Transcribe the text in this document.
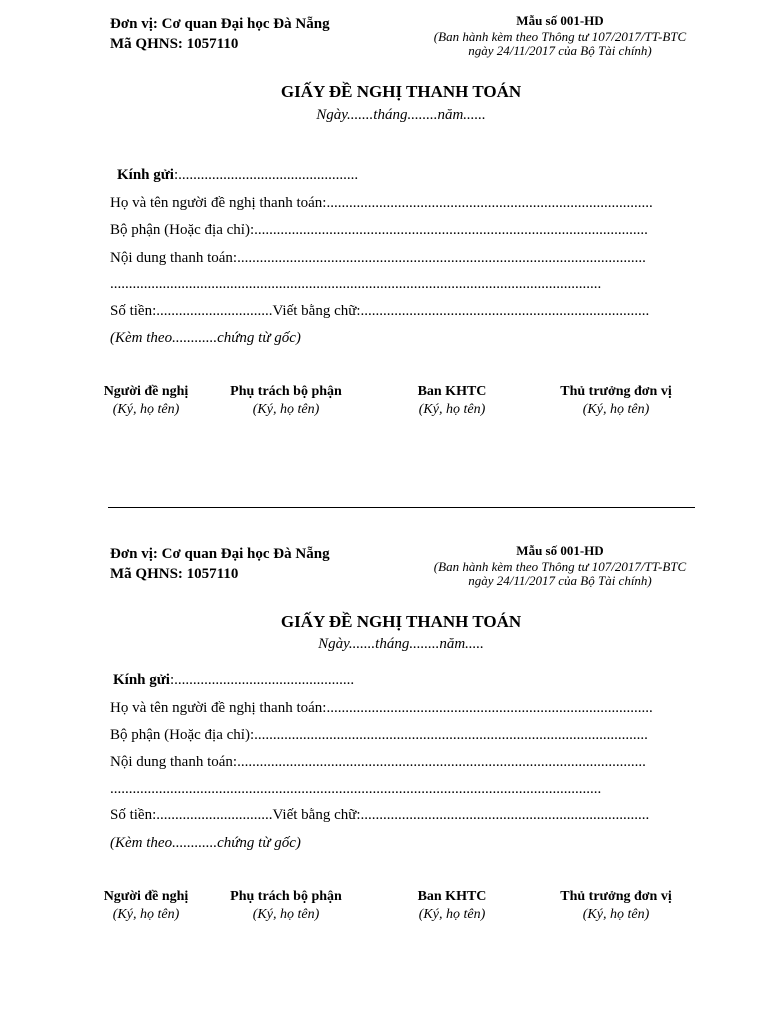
Đơn vị: Cơ quan Đại học Đà Nẵng
Mã QHNS: 1057110
Mẫu số 001-HD
(Ban hành kèm theo Thông tư 107/2017/TT-BTC
ngày 24/11/2017 của Bộ Tài chính)
GIẤY ĐỀ NGHỊ THANH TOÁN
Ngày.......tháng........năm......
Kính gửi:................................................
Họ và tên người đề nghị thanh toán:.......................................................................................
Bộ phận (Hoặc địa chỉ):.........................................................................................................
Nội dung thanh toán:.............................................................................................................
...................................................................................................................................
Số tiền:...............................Viết bằng chữ:.............................................................................
(Kèm theo............chứng từ gốc)
Người đề nghị
(Ký, họ tên)
Phụ trách bộ phận
(Ký, họ tên)
Ban KHTC
(Ký, họ tên)
Thủ trưởng đơn vị
(Ký, họ tên)
Đơn vị: Cơ quan Đại học Đà Nẵng
Mã QHNS: 1057110
Mẫu số 001-HD
(Ban hành kèm theo Thông tư 107/2017/TT-BTC
ngày 24/11/2017 của Bộ Tài chính)
GIẤY ĐỀ NGHỊ THANH TOÁN
Ngày.......tháng........năm.....
Kính gửi:................................................
Họ và tên người đề nghị thanh toán:.......................................................................................
Bộ phận (Hoặc địa chỉ):.........................................................................................................
Nội dung thanh toán:.............................................................................................................
...................................................................................................................................
Số tiền:...............................Viết bằng chữ:.............................................................................
(Kèm theo............chứng từ gốc)
Người đề nghị
(Ký, họ tên)
Phụ trách bộ phận
(Ký, họ tên)
Ban KHTC
(Ký, họ tên)
Thủ trưởng đơn vị
(Ký, họ tên)
